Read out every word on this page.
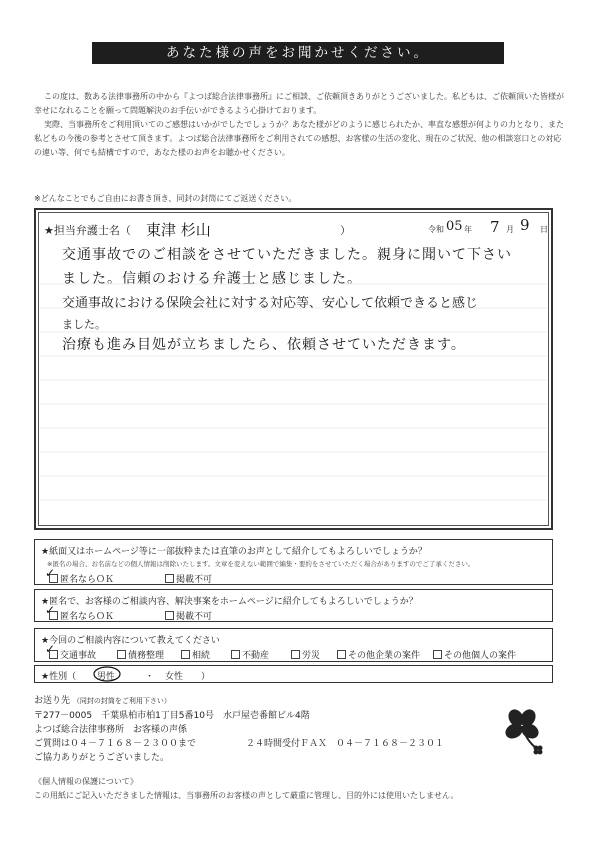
あなた様の声をお聞かせください。

この度は、数ある法律事務所の中から『よつば総合法律事務所』にご相談、ご依頼頂きありがとうございました。私どもは、ご依頼頂いた皆様が幸せになれることを願って問題解決のお手伝いができるよう心掛けております。

実際、当事務所をご利用頂いてのご感想はいかがでしたでしょうか？あなた様がどのように感じられたか、率直な感想が何よりの力となり、また私どもの今後の参考とさせて頂きます。よつば総合法律事務所をご利用されての感想、お客様の生活の変化、現在のご状況、他の相談窓口との対応の違い等、何でも結構ですので、あなた様のお声をお聴かせください。

※どんなことでもご自由にお書き頂き、同封の封筒にてご返送ください。
★担当弁護士名（ 東津 杉山	）	令和 05 年 7 月 9 日
交通事故でのご相談をさせていただきました。親身に聞いて下さい
ました。信頼のおける弁護士と感じました。
交通事故における保険会社に対する対応等、安心して依頼できると感じ
ました。
治療も進み目処が立ちましたら、依頼させていただきます。
★紙面又はホームページ等に一部抜粋または直筆のお声として紹介してもよろしいでしょうか？
※匿名の場合、お名前などの個人情報は削除いたします。文章を変えない範囲で編集・要約をさせていただく場合がありますのでご了承ください。
匿名ならＯＫ	掲載不可
✓
★匿名で、お客様のご相談内容、解決事案をホームページに紹介してもよろしいでしょうか？
匿名ならＯＫ	掲載不可
✓
★今回のご相談内容について教えてください
交通事故	債務整理	相続	不動産	労災	その他企業の案件	その他個人の案件
✓
★性別（ 男性	・ 女性 ）
お送り先 （同封の封筒をご利用下さい）
〒277－0005　千葉県柏市柏1丁目5番10号　水戸屋壱番館ビル4階
よつば総合法律事務所　お客様の声係
ご質問は０４－７１６８－２３００まで	２４時間受付ＦＡＸ　０４－７１６８－２３０１
ご協力ありがとうございました。
《個人情報の保護について》
この用紙にご記入いただきました情報は、当事務所のお客様の声として厳重に管理し、目的外には使用いたしません。
